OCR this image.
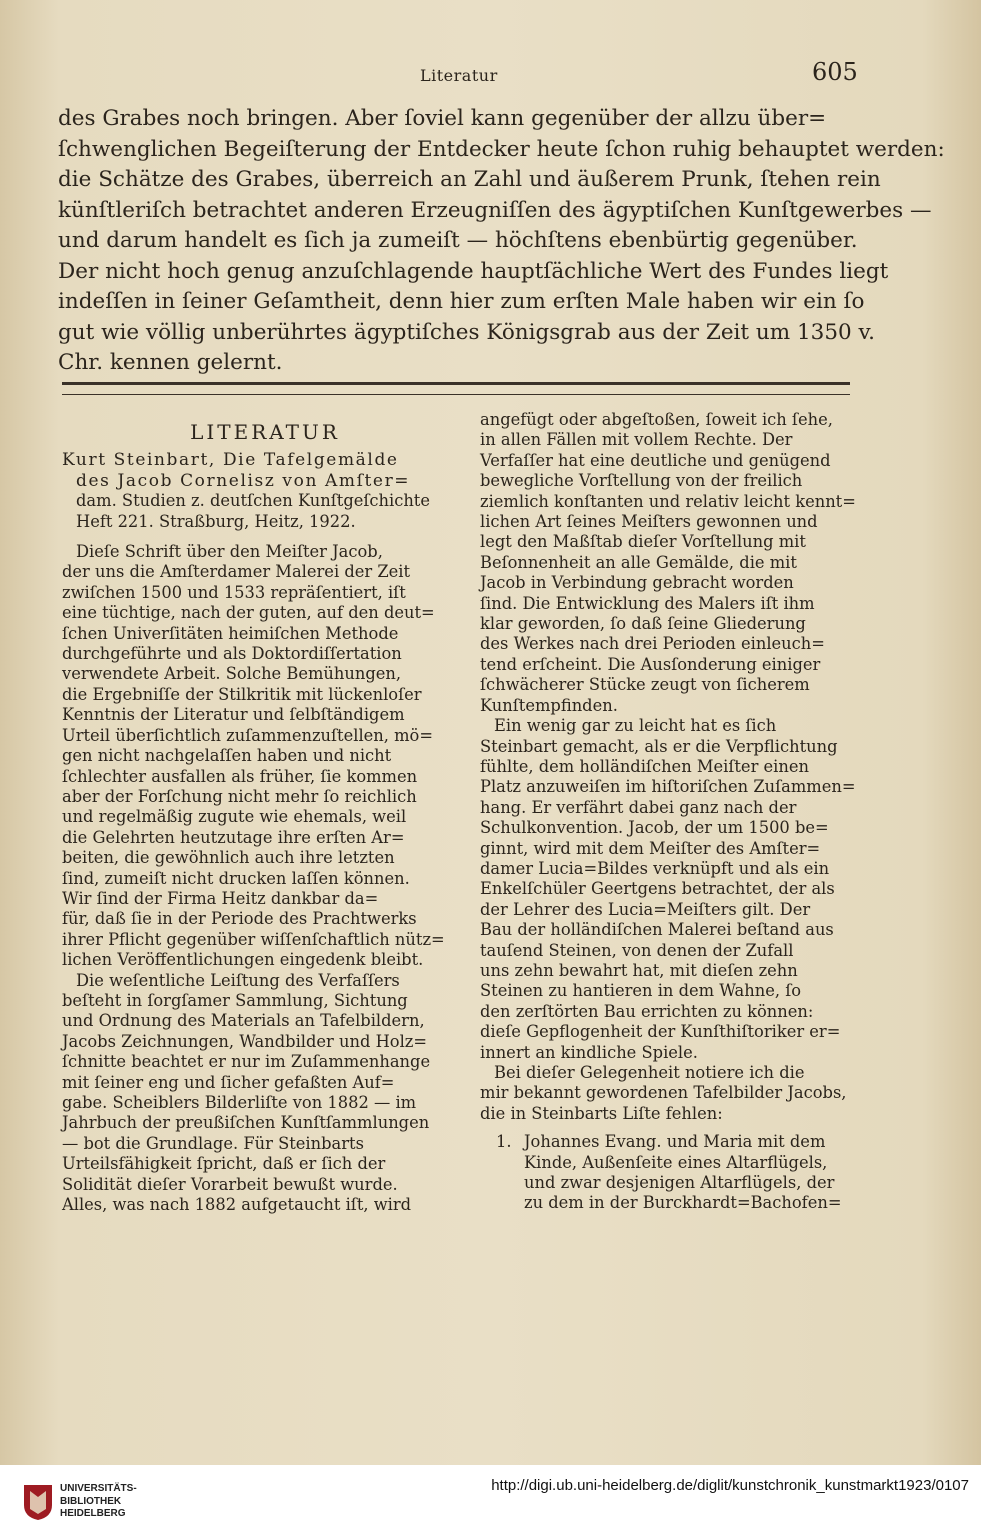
Literatur	605
des Grabes noch bringen. Aber ſoviel kann gegenüber der allzu über=
ſchwenglichen Begeiſterung der Entdecker heute ſchon ruhig behauptet werden:
die Schätze des Grabes, überreich an Zahl und äußerem Prunk, ſtehen rein
künſtleriſch betrachtet anderen Erzeugniſſen des ägyptiſchen Kunſtgewerbes —
und darum handelt es ſich ja zumeiſt — höchſtens ebenbürtig gegenüber.
Der nicht hoch genug anzuſchlagende hauptſächliche Wert des Fundes liegt
indeſſen in ſeiner Geſamtheit, denn hier zum erſten Male haben wir ein ſo
gut wie völlig unberührtes ägyptiſches Königsgrab aus der Zeit um 1350 v.
Chr. kennen gelernt.
LITERATUR
Kurt Steinbart, Die Tafelgemälde
des Jacob Cornelisz von Amſter=
dam. Studien z. deutſchen Kunſtgeſchichte
Heft 221. Straßburg, Heitz, 1922.
Dieſe Schrift über den Meiſter Jacob,
der uns die Amſterdamer Malerei der Zeit
zwiſchen 1500 und 1533 repräſentiert, iſt
eine tüchtige, nach der guten, auf den deut=
ſchen Univerſitäten heimiſchen Methode
durchgeführte und als Doktordiſſertation
verwendete Arbeit. Solche Bemühungen,
die Ergebniſſe der Stilkritik mit lückenloſer
Kenntnis der Literatur und ſelbſtändigem
Urteil überſichtlich zuſammenzuſtellen, mö=
gen nicht nachgelaſſen haben und nicht
ſchlechter ausfallen als früher, ſie kommen
aber der Forſchung nicht mehr ſo reichlich
und regelmäßig zugute wie ehemals, weil
die Gelehrten heutzutage ihre erſten Ar=
beiten, die gewöhnlich auch ihre letzten
ſind, zumeiſt nicht drucken laſſen können.
Wir ſind der Firma Heitz dankbar da=
für, daß ſie in der Periode des Prachtwerks
ihrer Pflicht gegenüber wiſſenſchaftlich nütz=
lichen Veröffentlichungen eingedenk bleibt.
Die weſentliche Leiſtung des Verfaſſers
beſteht in ſorgſamer Sammlung, Sichtung
und Ordnung des Materials an Tafelbildern,
Jacobs Zeichnungen, Wandbilder und Holz=
ſchnitte beachtet er nur im Zuſammenhange
mit ſeiner eng und ſicher gefaßten Auf=
gabe. Scheiblers Bilderliſte von 1882 — im
Jahrbuch der preußiſchen Kunſtſammlungen
— bot die Grundlage. Für Steinbarts
Urteilsfähigkeit ſpricht, daß er ſich der
Solidität dieſer Vorarbeit bewußt wurde.
Alles, was nach 1882 aufgetaucht iſt, wird
angefügt oder abgeſtoßen, ſoweit ich ſehe,
in allen Fällen mit vollem Rechte. Der
Verfaſſer hat eine deutliche und genügend
bewegliche Vorſtellung von der freilich
ziemlich konſtanten und relativ leicht kennt=
lichen Art ſeines Meiſters gewonnen und
legt den Maßſtab dieſer Vorſtellung mit
Beſonnenheit an alle Gemälde, die mit
Jacob in Verbindung gebracht worden
ſind. Die Entwicklung des Malers iſt ihm
klar geworden, ſo daß ſeine Gliederung
des Werkes nach drei Perioden einleuch=
tend erſcheint. Die Ausſonderung einiger
ſchwächerer Stücke zeugt von ſicherem
Kunſtempfinden.
Ein wenig gar zu leicht hat es ſich
Steinbart gemacht, als er die Verpflichtung
fühlte, dem holländiſchen Meiſter einen
Platz anzuweiſen im hiſtoriſchen Zuſammen=
hang. Er verfährt dabei ganz nach der
Schulkonvention. Jacob, der um 1500 be=
ginnt, wird mit dem Meiſter des Amſter=
damer Lucia=Bildes verknüpft und als ein
Enkelſchüler Geertgens betrachtet, der als
der Lehrer des Lucia=Meiſters gilt. Der
Bau der holländiſchen Malerei beſtand aus
tauſend Steinen, von denen der Zufall
uns zehn bewahrt hat, mit dieſen zehn
Steinen zu hantieren in dem Wahne, ſo
den zerſtörten Bau errichten zu können:
dieſe Gepflogenheit der Kunſthiſtoriker er=
innert an kindliche Spiele.
Bei dieſer Gelegenheit notiere ich die
mir bekannt gewordenen Tafelbilder Jacobs,
die in Steinbarts Liſte fehlen:
1. Johannes Evang. und Maria mit dem
Kinde, Außenſeite eines Altarflügels,
und zwar desjenigen Altarflügels, der
zu dem in der Burckhardt=Bachofen=
UNIVERSITÄTS-
BIBLIOTHEK
HEIDELBERG
http://digi.ub.uni-heidelberg.de/diglit/kunstchronik_kunstmarkt1923/0107
